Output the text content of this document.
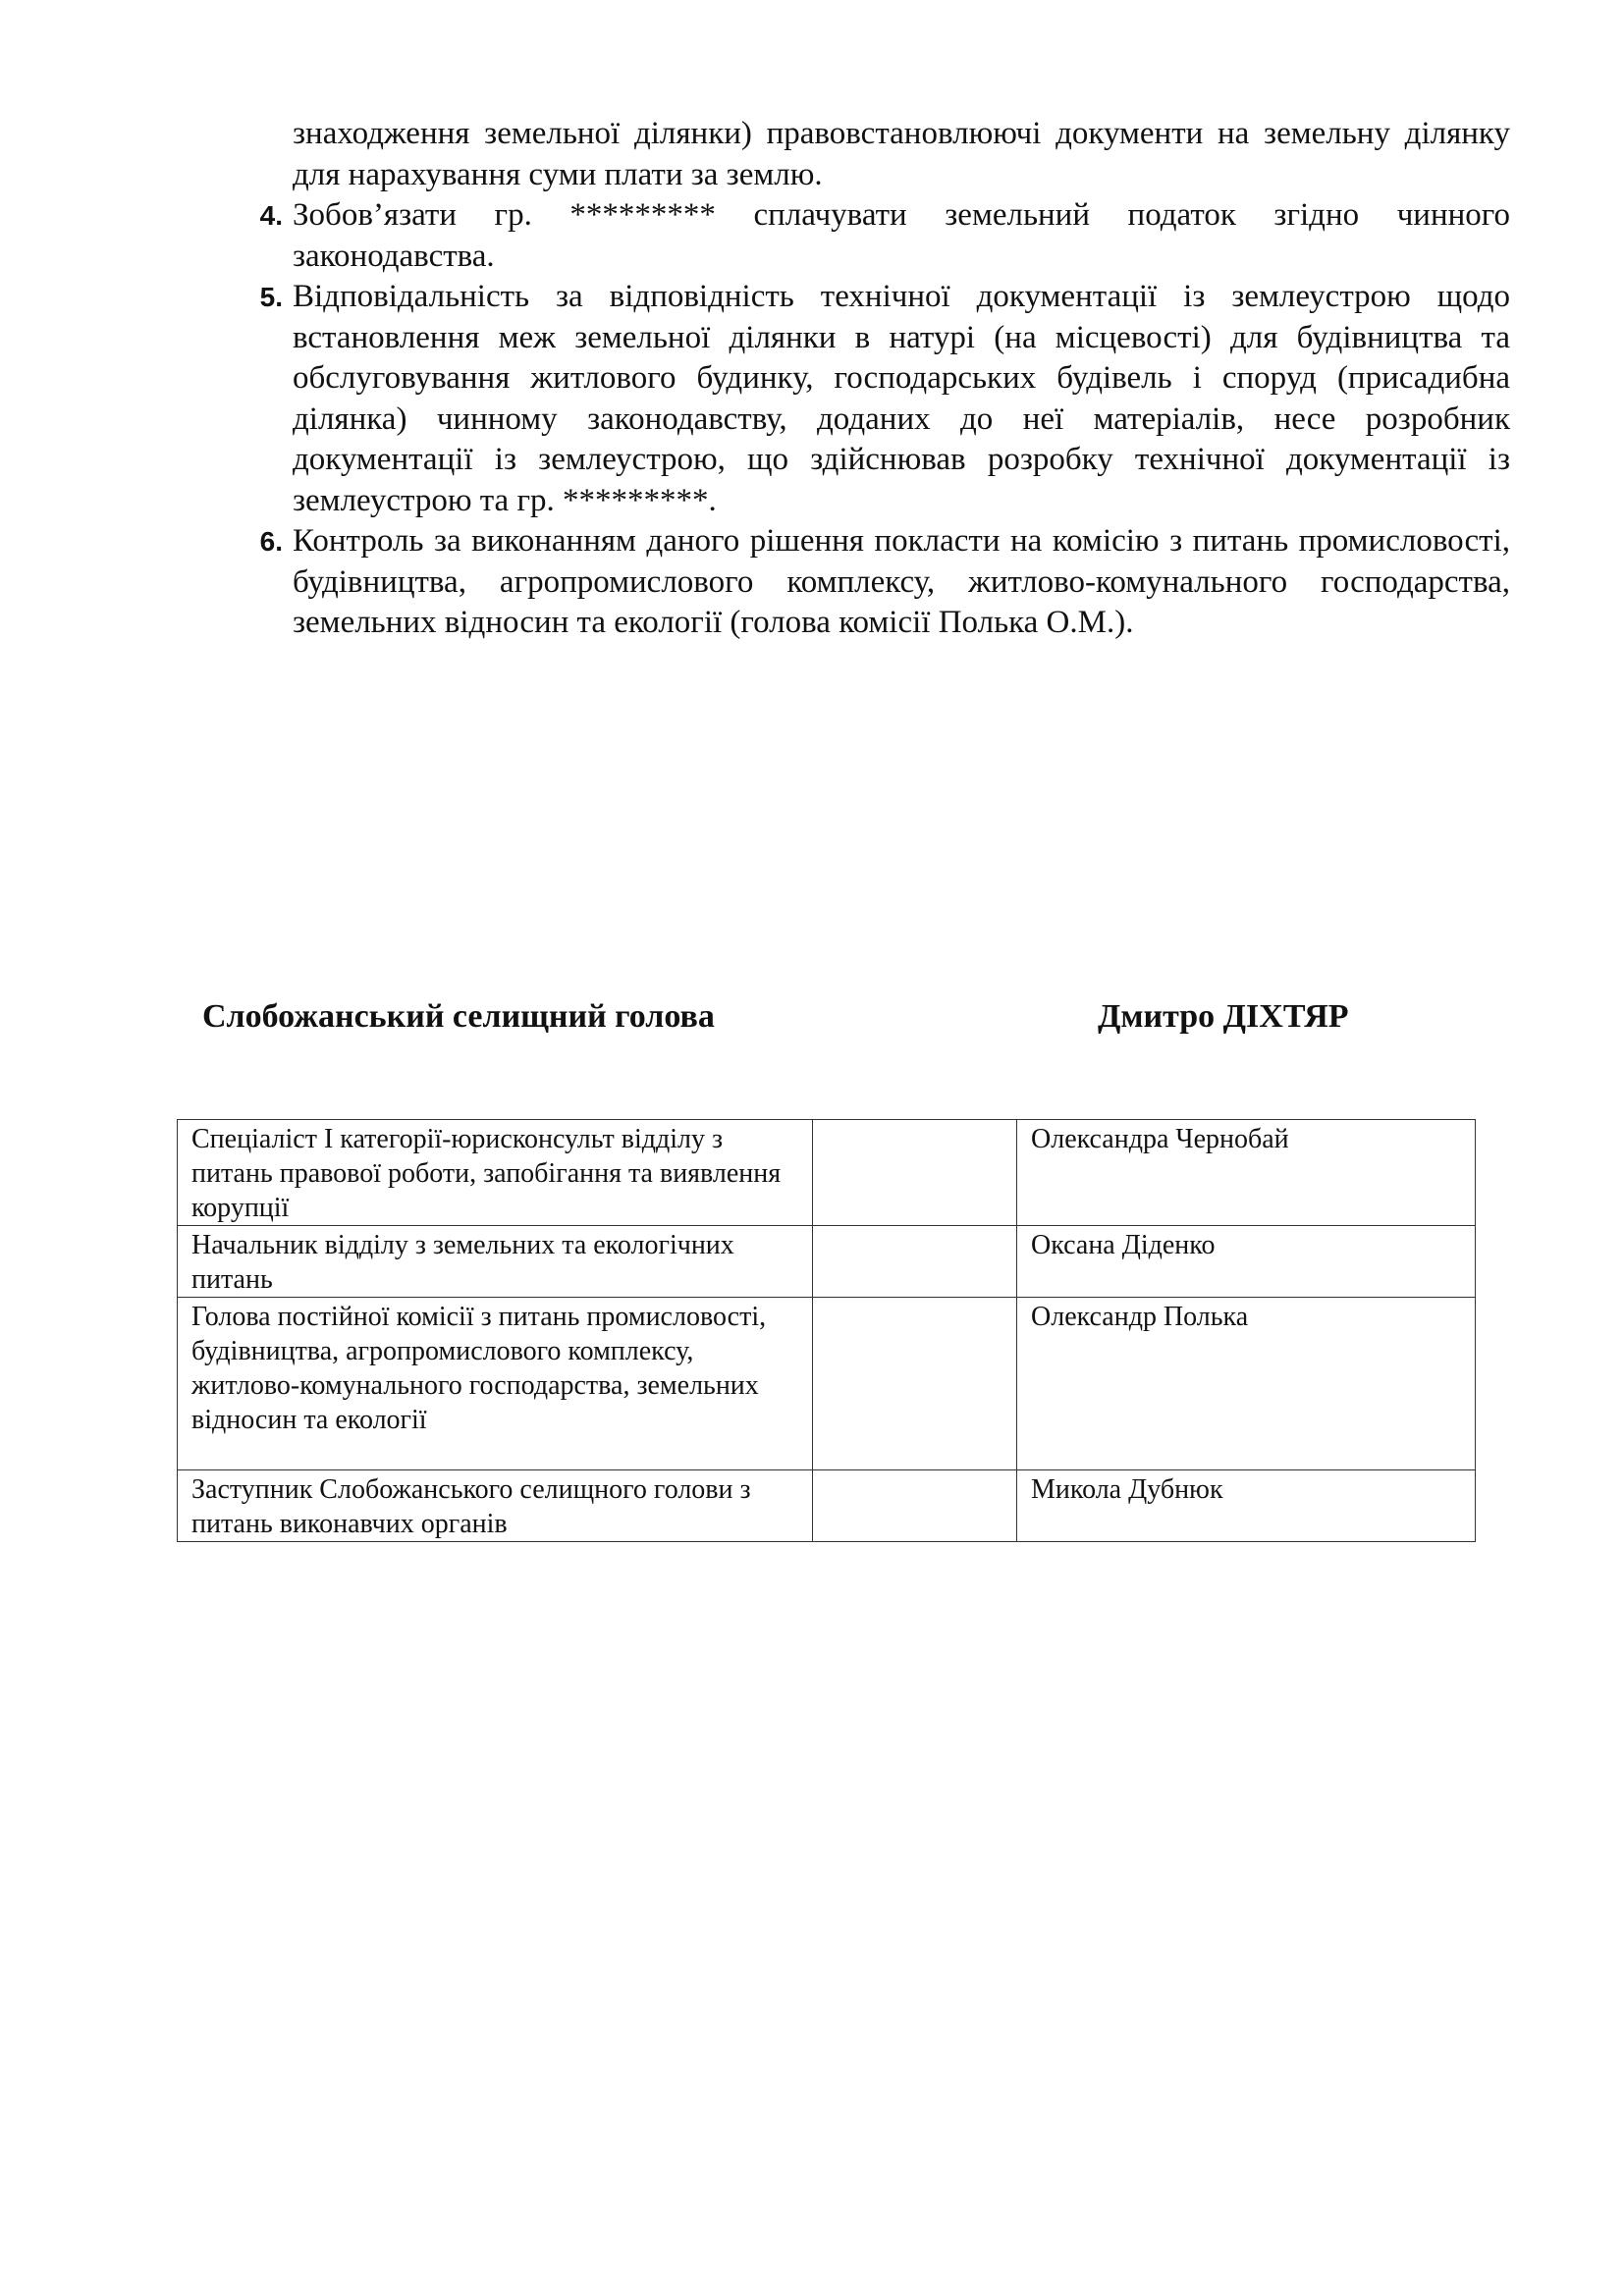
знаходження земельної ділянки) правовстановлюючі документи на земельну ділянку для нарахування суми плати за землю.

4. Зобов’язати гр. ********* сплачувати земельний податок згідно чинного законодавства.

5. Відповідальність за відповідність технічної документації із землеустрою щодо встановлення меж земельної ділянки в натурі (на місцевості) для будівництва та обслуговування житлового будинку, господарських будівель і споруд (присадибна ділянка) чинному законодавству, доданих до неї матеріалів, несе розробник документації із землеустрою, що здійснював розробку технічної документації із землеустрою та гр. *********.

6. Контроль за виконанням даного рішення покласти на комісію з питань промисловості, будівництва, агропромислового комплексу, житлово-комунального господарства, земельних відносин та екології (голова комісії Полька О.М.).

Слобожанський селищний голова	Дмитро ДІХТЯР
Спеціаліст І категорії-юрисконсульт відділу з питань правової роботи, запобігання та виявлення корупції		Олександра Чернобай
Начальник відділу з земельних та екологічних питань		Оксана Діденко
Голова постійної комісії з питань промисловості, будівництва, агропромислового комплексу, житлово-комунального господарства, земельних відносин та екології		Олександр Полька
Заступник Слобожанського селищного голови з питань виконавчих органів		Микола Дубнюк
